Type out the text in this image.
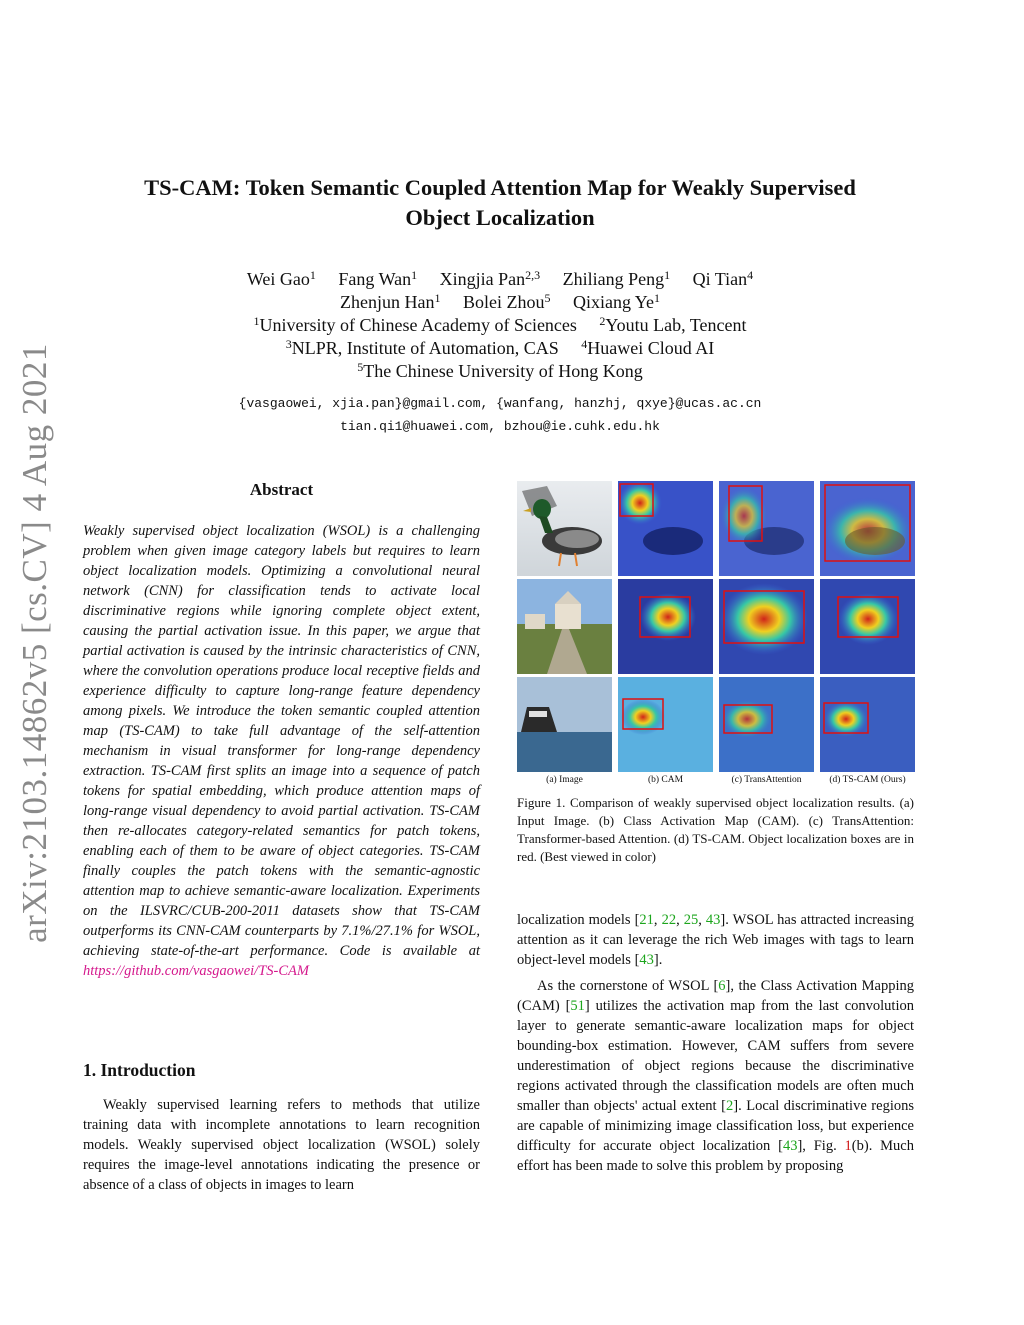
arXiv:2103.14862v5 [cs.CV] 4 Aug 2021
TS-CAM: Token Semantic Coupled Attention Map for Weakly Supervised
Object Localization
Wei Gao$^1$ Fang Wan$^1$ Xingjia Pan$^{2,3}$ Zhiliang Peng$^1$ Qi Tian$^4$
Zhenjun Han$^1$ Bolei Zhou$^5$ Qixiang Ye$^1$
$^1$University of Chinese Academy of Sciences $^2$Youtu Lab, Tencent
$^3$NLPR, Institute of Automation, CAS $^4$Huawei Cloud AI
$^5$The Chinese University of Hong Kong
{vasgaowei, xjia.pan}@gmail.com, {wanfang, hanzhj, qxye}@ucas.ac.cn
tian.qi1@huawei.com, bzhou@ie.cuhk.edu.hk
Abstract
Weakly supervised object localization (WSOL) is a challenging problem when given image category labels but requires to learn object localization models. Optimizing a convolutional neural network (CNN) for classification tends to activate local discriminative regions while ignoring complete object extent, causing the partial activation issue. In this paper, we argue that partial activation is caused by the intrinsic characteristics of CNN, where the convolution operations produce local receptive fields and experience difficulty to capture long-range feature dependency among pixels. We introduce the token semantic coupled attention map (TS-CAM) to take full advantage of the self-attention mechanism in visual transformer for long-range dependency extraction. TS-CAM first splits an image into a sequence of patch tokens for spatial embedding, which produce attention maps of long-range visual dependency to avoid partial activation. TS-CAM then re-allocates category-related semantics for patch tokens, enabling each of them to be aware of object categories. TS-CAM finally couples the patch tokens with the semantic-agnostic attention map to achieve semantic-aware localization. Experiments on the ILSVRC/CUB-200-2011 datasets show that TS-CAM outperforms its CNN-CAM counterparts by 7.1%/27.1% for WSOL, achieving state-of-the-art performance. Code is available at https://github.com/vasgaowei/TS-CAM
1. Introduction
Weakly supervised learning refers to methods that utilize training data with incomplete annotations to learn recognition models. Weakly supervised object localization (WSOL) solely requires the image-level annotations indicating the presence or absence of a class of objects in images to learn
(a) Image	(b) CAM	(c) TransAttention	(d) TS-CAM (Ours)
Figure 1. Comparison of weakly supervised object localization results. (a) Input Image. (b) Class Activation Map (CAM). (c) TransAttention: Transformer-based Attention. (d) TS-CAM. Object localization boxes are in red. (Best viewed in color)

localization models [21, 22, 25, 43]. WSOL has attracted increasing attention as it can leverage the rich Web images with tags to learn object-level models [43].

As the cornerstone of WSOL [6], the Class Activation Mapping (CAM) [51] utilizes the activation map from the last convolution layer to generate semantic-aware localization maps for object bounding-box estimation. However, CAM suffers from severe underestimation of object regions because the discriminative regions activated through the classification models are often much smaller than objects' actual extent [2]. Local discriminative regions are capable of minimizing image classification loss, but experience difficulty for accurate object localization [43], Fig. 1(b). Much effort has been made to solve this problem by proposing
